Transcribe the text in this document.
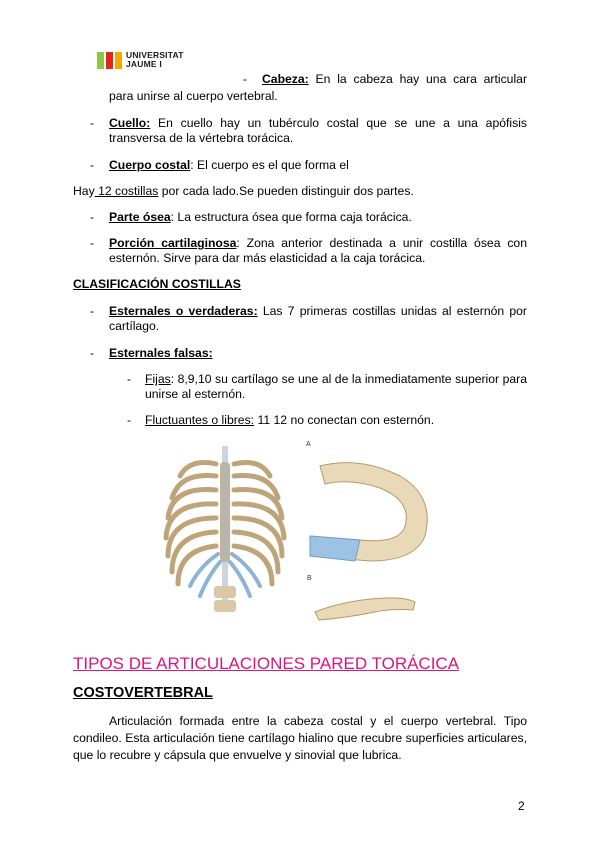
UNIVERSITAT
JAUME I
-	Cabeza: En la cabeza hay una cara articular
para unirse al cuerpo vertebral.
- Cuello: En cuello hay un tubérculo costal que se une a una apófisis
transversa de la vértebra torácica.
- Cuerpo costal: El cuerpo es el que forma el
Hay 12 costillas por cada lado.Se pueden distinguir dos partes.
- Parte ósea: La estructura ósea que forma caja torácica.
- Porción cartilaginosa: Zona anterior destinada a unir costilla ósea con
esternón. Sirve para dar más elasticidad a la caja torácica.
CLASIFICACIÓN COSTILLAS
- Esternales o verdaderas: Las 7 primeras costillas unidas al esternón por
cartílago.
- Esternales falsas:
- Fijas: 8,9,10 su cartílago se une al de la inmediatamente superior para
unirse al esternón.
- Fluctuantes o libres: 11 12 no conectan con esternón.
A
B
TIPOS DE ARTICULACIONES PARED TORÁCICA
COSTOVERTEBRAL
Articulación formada entre la cabeza costal y el cuerpo vertebral. Tipo
condileo. Esta articulación tiene cartílago hialino que recubre superficies articulares,
que lo recubre y cápsula que envuelve y sinovial que lubrica.
2
